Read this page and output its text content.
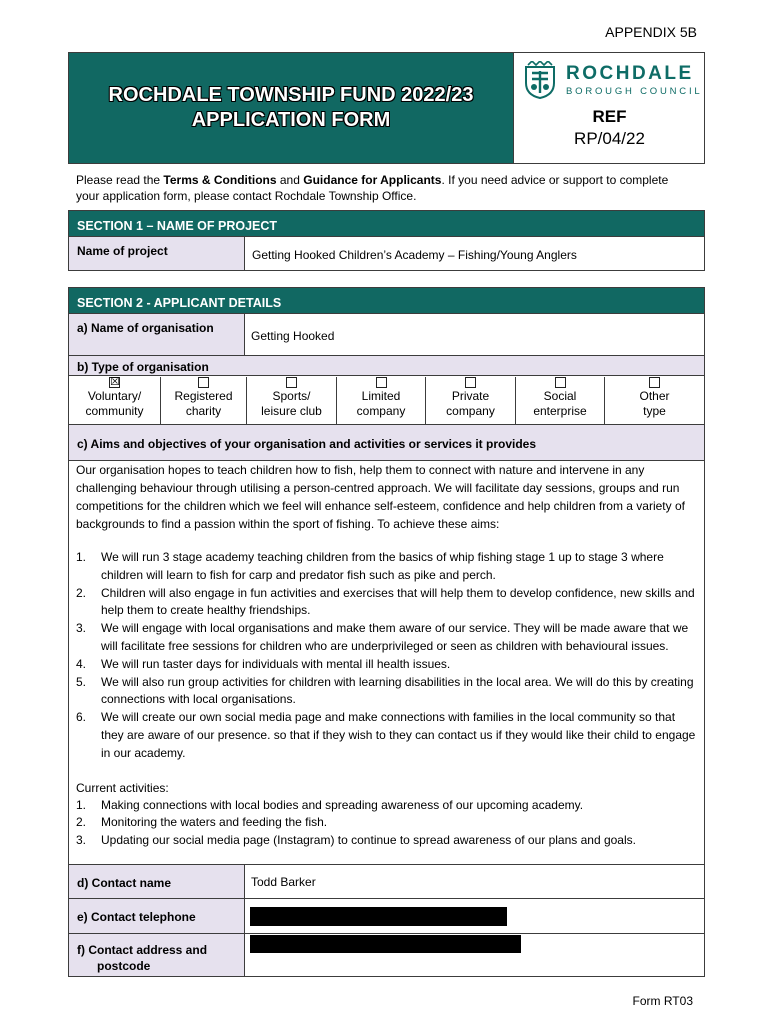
APPENDIX 5B
ROCHDALE TOWNSHIP FUND 2022/23
APPLICATION FORM
ROCHDALE
BOROUGH COUNCIL
REF
RP/04/22
Please read the Terms & Conditions and Guidance for Applicants. If you need advice or support to complete your application form, please contact Rochdale Township Office.
SECTION 1 – NAME OF PROJECT
Name of project	Getting Hooked Children’s Academy – Fishing/Young Anglers
SECTION 2 - APPLICANT DETAILS
a) Name of organisation
Getting Hooked
b) Type of organisation
☒
Voluntary/
community
Registered
charity
Sports/
leisure club
Limited
company
Private
company
Social
enterprise
Other
type
c) Aims and objectives of your organisation and activities or services it provides
Our organisation hopes to teach children how to fish, help them to connect with nature and intervene in any challenging behaviour through utilising a person-centred approach. We will facilitate day sessions, groups and run competitions for the children which we feel will enhance self-esteem, confidence and help children from a variety of backgrounds to find a passion within the sport of fishing. To achieve these aims:
1. We will run 3 stage academy teaching children from the basics of whip fishing stage 1 up to stage 3 where children will learn to fish for carp and predator fish such as pike and perch.
2. Children will also engage in fun activities and exercises that will help them to develop confidence, new skills and help them to create healthy friendships.
3. We will engage with local organisations and make them aware of our service. They will be made aware that we will facilitate free sessions for children who are underprivileged or seen as children with behavioural issues.
4. We will run taster days for individuals with mental ill health issues.
5. We will also run group activities for children with learning disabilities in the local area. We will do this by creating connections with local organisations.
6. We will create our own social media page and make connections with families in the local community so that they are aware of our presence. so that if they wish to they can contact us if they would like their child to engage in our academy.
Current activities:
1. Making connections with local bodies and spreading awareness of our upcoming academy.
2. Monitoring the waters and feeding the fish.
3. Updating our social media page (Instagram) to continue to spread awareness of our plans and goals.
d) Contact name	Todd Barker
e) Contact telephone
f) Contact address and
postcode
Form RT03
